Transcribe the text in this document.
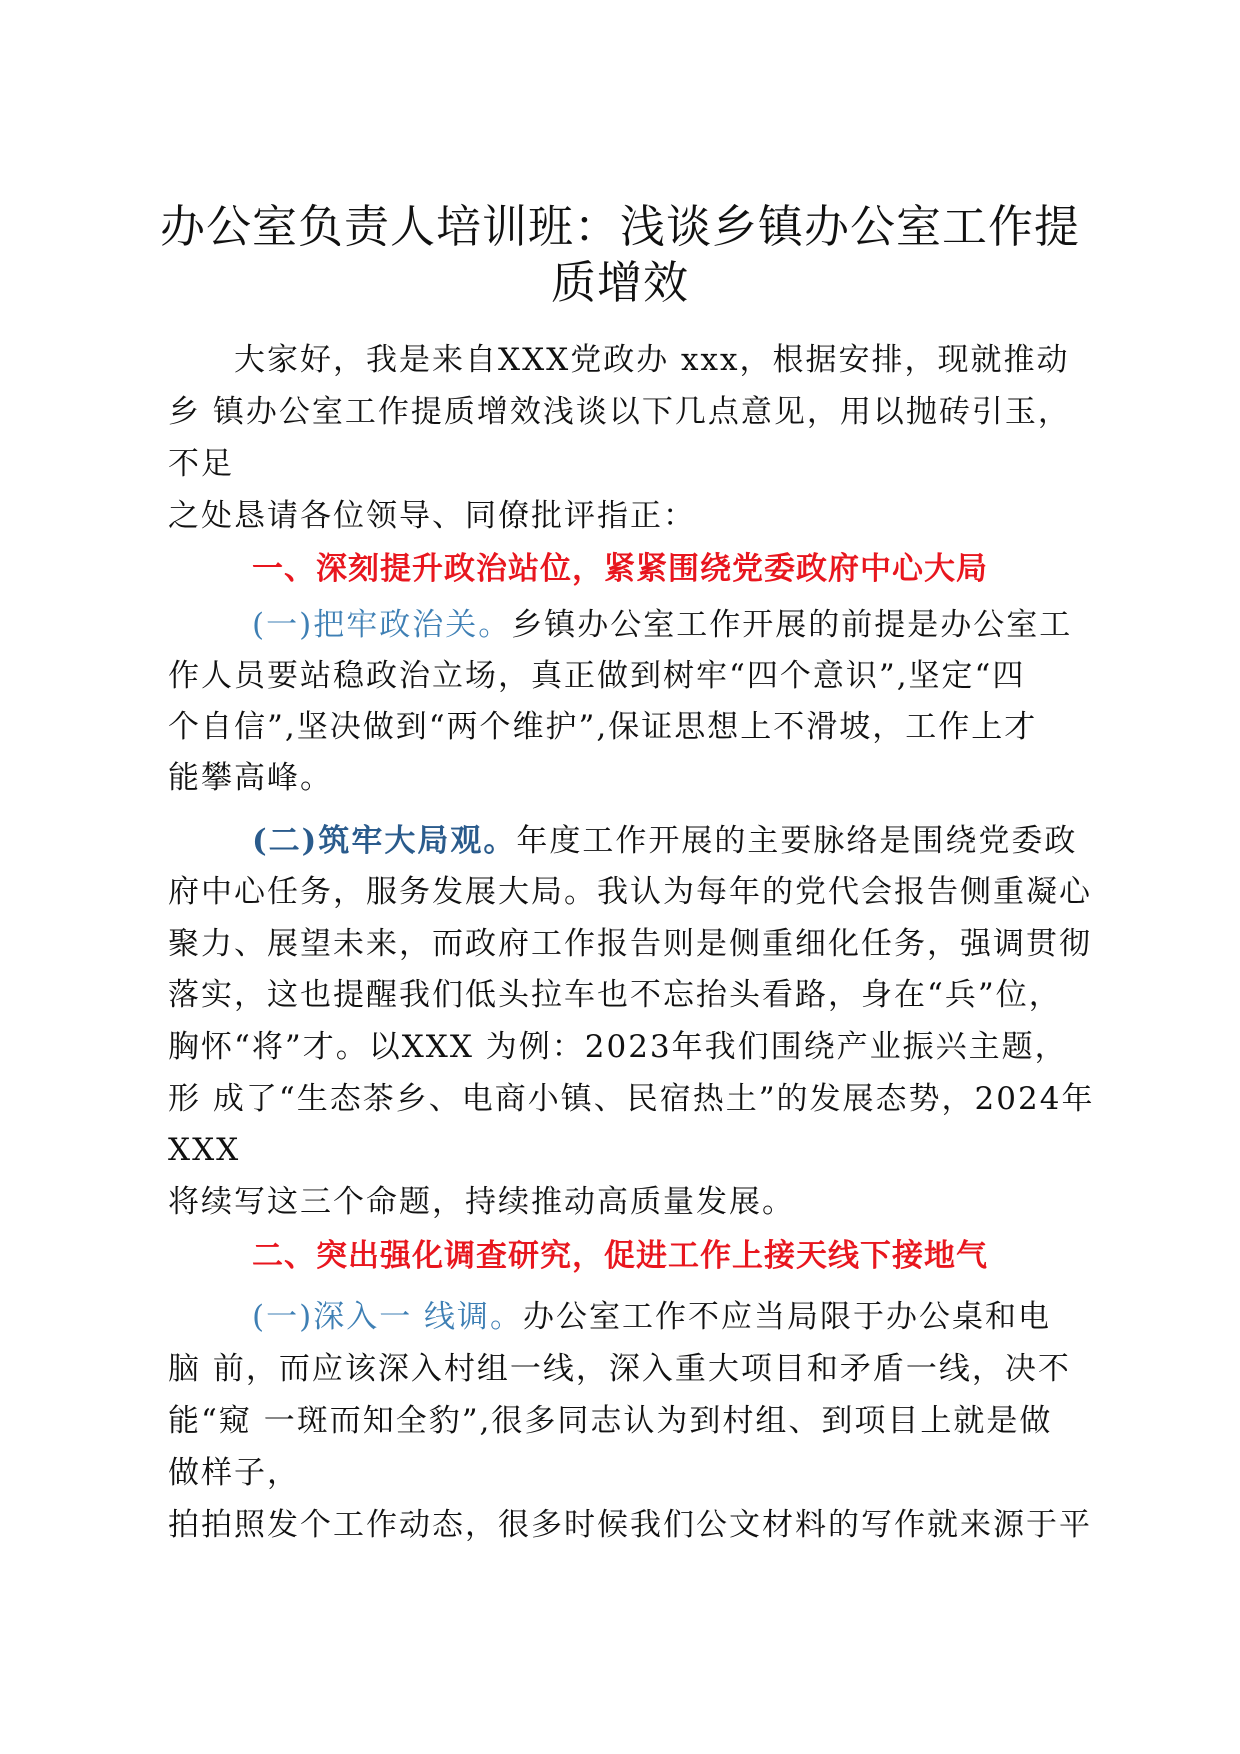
办公室负责人培训班：浅谈乡镇办公室工作提
质增效
大家好，我是来自XXX党政办 xxx，根据安排，现就推动
乡 镇办公室工作提质增效浅谈以下几点意见，用以抛砖引玉，
不足
之处恳请各位领导、同僚批评指正：
一、深刻提升政治站位，紧紧围绕党委政府中心大局
(一)把牢政治关。乡镇办公室工作开展的前提是办公室工
作人员要站稳政治立场，真正做到树牢“四个意识”,坚定“四
个自信”,坚决做到“两个维护”,保证思想上不滑坡，工作上才
能攀高峰。
(二)筑牢大局观。年度工作开展的主要脉络是围绕党委政
府中心任务，服务发展大局。我认为每年的党代会报告侧重凝心
聚力、展望未来，而政府工作报告则是侧重细化任务，强调贯彻
落实，这也提醒我们低头拉车也不忘抬头看路，身在“兵”位，
胸怀“将”才。以XXX 为例：2023年我们围绕产业振兴主题，
形 成了“生态茶乡、电商小镇、民宿热土”的发展态势，2024年
XXX
将续写这三个命题，持续推动高质量发展。
二、突出强化调查研究，促进工作上接天线下接地气
(一)深入一 线调。办公室工作不应当局限于办公桌和电
脑 前，而应该深入村组一线，深入重大项目和矛盾一线，决不
能“窥 一斑而知全豹”,很多同志认为到村组、到项目上就是做
做样子，
拍拍照发个工作动态，很多时候我们公文材料的写作就来源于平
